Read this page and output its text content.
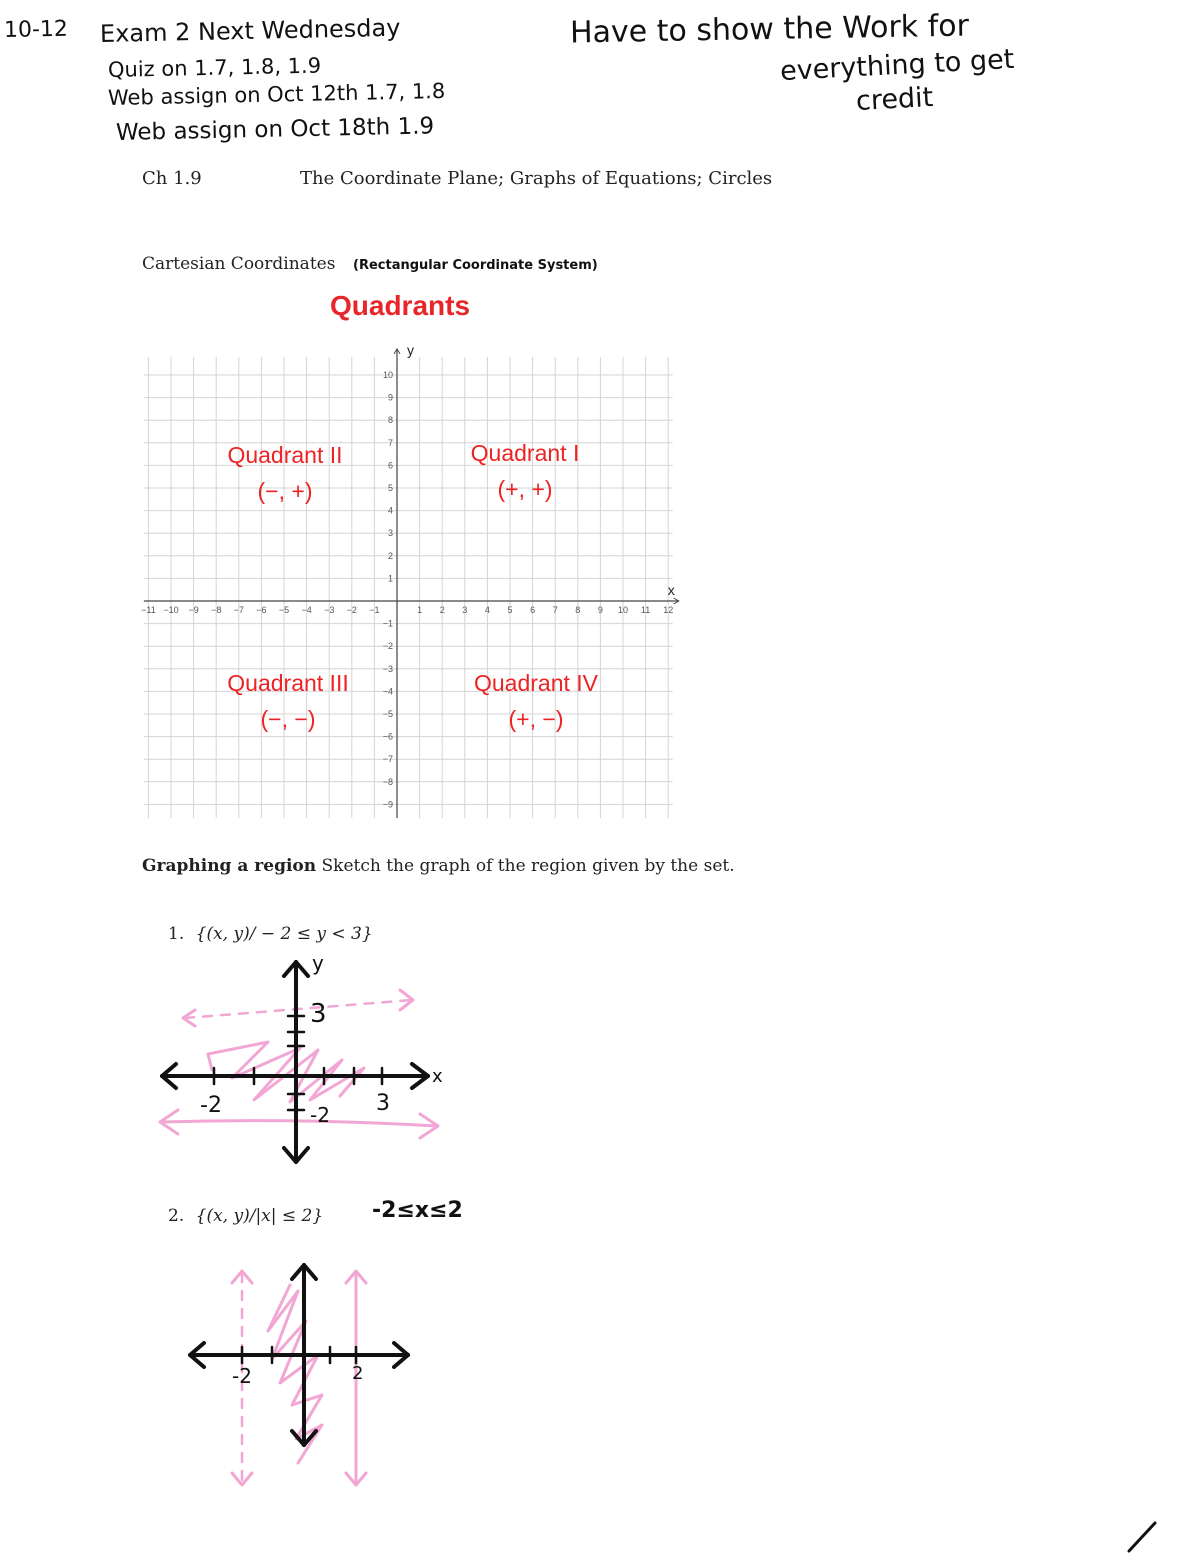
10-12 Exam 2 Next Wednesday
Quiz on 1.7, 1.8, 1.9
Web assign on Oct 12th 1.7, 1.8
Web assign on Oct 18th 1.9
Have to show the Work for
everything to get
credit
Ch 1.9	The Coordinate Plane; Graphs of Equations; Circles
Cartesian Coordinates (Rectangular Coordinate System)
Quadrants
−11 −10 −9 −8 −7 −6 −5 −4 −3 −2 −1	1 2 3 4 5 6 7 8 9 10 11 12
10
9
8
7
6
5
4
3
2
1
−1
−2
−3
−4
−5
−6
−7
−8
−9
x
y
Quadrant II
(−, +)
Quadrant I
(+, +)
Quadrant III
(−, −)
Quadrant IV
(+, −)
Graphing a region Sketch the graph of the region given by the set.
1. {(x, y)/ − 2 ≤ y < 3}
y
x
3
-2
-2	3
2. {(x, y)/|x| ≤ 2} -2≤x≤2
-2	2
